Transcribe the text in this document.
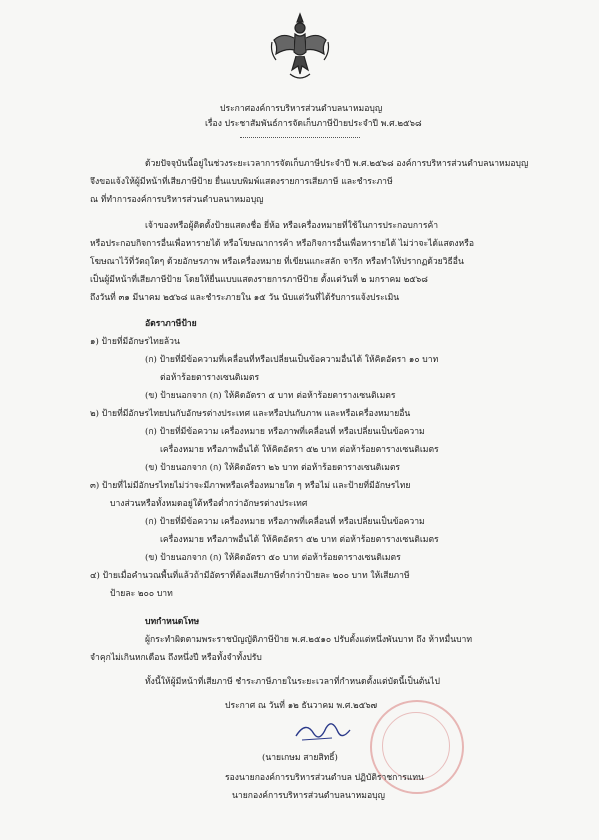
ประกาศองค์การบริหารส่วนตำบลนาหมอบุญ
เรื่อง ประชาสัมพันธ์การจัดเก็บภาษีป้ายประจำปี พ.ศ.๒๕๖๘
ด้วยปัจจุบันนี้อยู่ในช่วงระยะเวลาการจัดเก็บภาษีประจำปี พ.ศ.๒๕๖๘ องค์การบริหารส่วนตำบลนาหมอบุญ
จึงขอแจ้งให้ผู้มีหน้าที่เสียภาษีป้าย ยื่นแบบพิมพ์แสดงรายการเสียภาษี และชำระภาษี
ณ ที่ทำการองค์การบริหารส่วนตำบลนาหมอบุญ
เจ้าของหรือผู้ติดตั้งป้ายแสดงชื่อ ยี่ห้อ หรือเครื่องหมายที่ใช้ในการประกอบการค้า
หรือประกอบกิจการอื่นเพื่อหารายได้ หรือโฆษณาการค้า หรือกิจการอื่นเพื่อหารายได้ ไม่ว่าจะได้แสดงหรือ
โฆษณาไว้ที่วัตถุใดๆ ด้วยอักษรภาพ หรือเครื่องหมาย ที่เขียนแกะสลัก จารึก หรือทำให้ปรากฏด้วยวิธีอื่น
เป็นผู้มีหน้าที่เสียภาษีป้าย โดยให้ยื่นแบบแสดงรายการภาษีป้าย ตั้งแต่วันที่ ๒ มกราคม ๒๕๖๘
ถึงวันที่ ๓๑ มีนาคม ๒๕๖๘ และชำระภายใน ๑๕ วัน นับแต่วันที่ได้รับการแจ้งประเมิน
อัตราภาษีป้าย
๑) ป้ายที่มีอักษรไทยล้วน
(ก) ป้ายที่มีข้อความที่เคลื่อนที่หรือเปลี่ยนเป็นข้อความอื่นได้ ให้คิดอัตรา ๑๐ บาท
ต่อห้าร้อยตารางเซนติเมตร
(ข) ป้ายนอกจาก (ก) ให้คิดอัตรา ๕ บาท ต่อห้าร้อยตารางเซนติเมตร
๒) ป้ายที่มีอักษรไทยปนกับอักษรต่างประเทศ และหรือปนกับภาพ และหรือเครื่องหมายอื่น
(ก) ป้ายที่มีข้อความ เครื่องหมาย หรือภาพที่เคลื่อนที่ หรือเปลี่ยนเป็นข้อความ
เครื่องหมาย หรือภาพอื่นได้ ให้คิดอัตรา ๕๒ บาท ต่อห้าร้อยตารางเซนติเมตร
(ข) ป้ายนอกจาก (ก) ให้คิดอัตรา ๒๖ บาท ต่อห้าร้อยตารางเซนติเมตร
๓) ป้ายที่ไม่มีอักษรไทยไม่ว่าจะมีภาพหรือเครื่องหมายใด ๆ หรือไม่ และป้ายที่มีอักษรไทย
บางส่วนหรือทั้งหมดอยู่ใต้หรือต่ำกว่าอักษรต่างประเทศ
(ก) ป้ายที่มีข้อความ เครื่องหมาย หรือภาพที่เคลื่อนที่ หรือเปลี่ยนเป็นข้อความ
เครื่องหมาย หรือภาพอื่นได้ ให้คิดอัตรา ๕๒ บาท ต่อห้าร้อยตารางเซนติเมตร
(ข) ป้ายนอกจาก (ก) ให้คิดอัตรา ๕๐ บาท ต่อห้าร้อยตารางเซนติเมตร
๔) ป้ายเมื่อคำนวณพื้นที่แล้วถ้ามีอัตราที่ต้องเสียภาษีต่ำกว่าป้ายละ ๒๐๐ บาท ให้เสียภาษี
ป้ายละ ๒๐๐ บาท
บทกำหนดโทษ
ผู้กระทำผิดตามพระราชบัญญัติภาษีป้าย พ.ศ.๒๕๑๐ ปรับตั้งแต่หนึ่งพันบาท ถึง ห้าหมื่นบาท
จำคุกไม่เกินหกเดือน ถึงหนึ่งปี หรือทั้งจำทั้งปรับ
ทั้งนี้ให้ผู้มีหน้าที่เสียภาษี ชำระภาษีภายในระยะเวลาที่กำหนดตั้งแต่บัดนี้เป็นต้นไป
ประกาศ ณ วันที่ ๑๒ ธันวาคม พ.ศ.๒๕๖๗
(นายเกษม สายสิทธิ์)
รองนายกองค์การบริหารส่วนตำบล ปฏิบัติราชการแทน
นายกองค์การบริหารส่วนตำบลนาหมอบุญ
